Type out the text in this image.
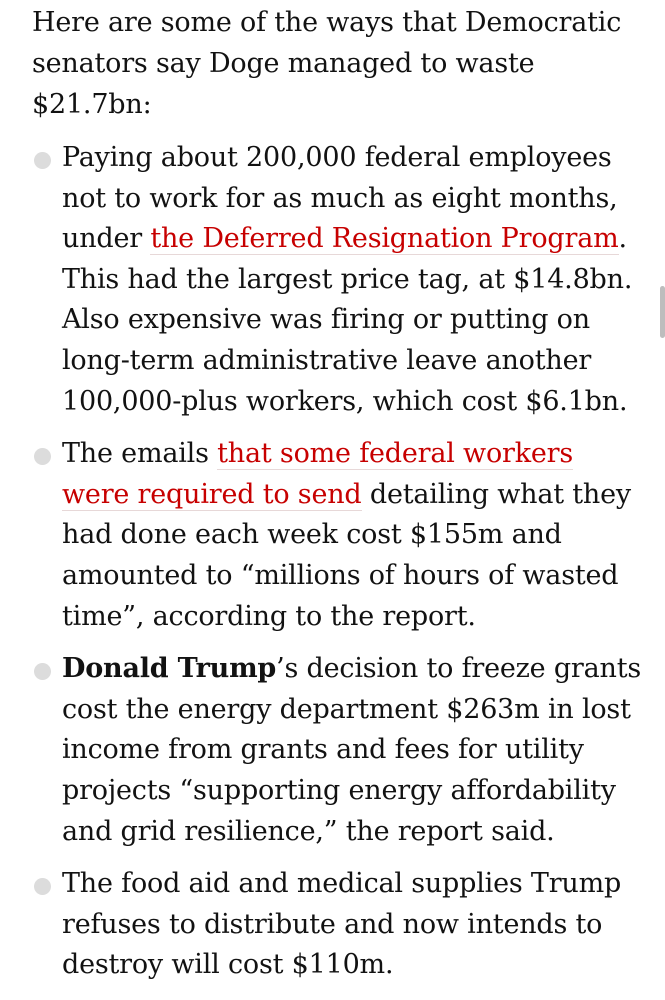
Here are some of the ways that Democratic senators say Doge managed to waste $21.7bn:

Paying about 200,000 federal employees not to work for as much as eight months, under the Deferred Resignation Program. This had the largest price tag, at $14.8bn. Also expensive was firing or putting on long-term administrative leave another 100,000-plus workers, which cost $6.1bn.
The emails that some federal workers were required to send detailing what they had done each week cost $155m and amounted to “millions of hours of wasted time”, according to the report.
Donald Trump’s decision to freeze grants cost the energy department $263m in lost income from grants and fees for utility projects “supporting energy affordability and grid resilience,” the report said.
The food aid and medical supplies Trump refuses to distribute and now intends to destroy will cost $110m.
